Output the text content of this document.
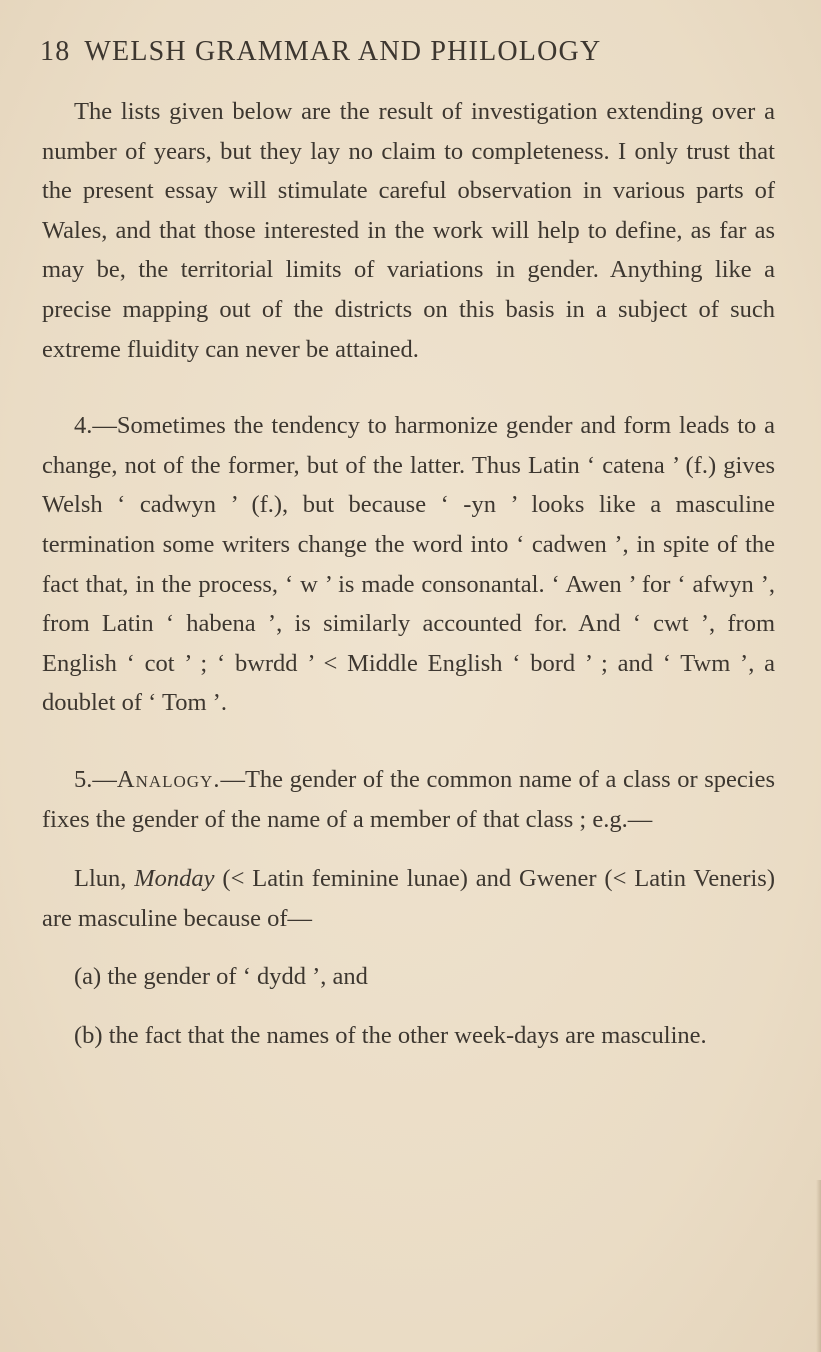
18 WELSH GRAMMAR AND PHILOLOGY

The lists given below are the result of investigation extending over a number of years, but they lay no claim to completeness. I only trust that the present essay will stimulate careful observation in various parts of Wales, and that those interested in the work will help to define, as far as may be, the territorial limits of variations in gender. Anything like a precise mapping out of the districts on this basis in a subject of such extreme fluidity can never be attained.

4.—Sometimes the tendency to harmonize gender and form leads to a change, not of the former, but of the latter. Thus Latin ‘ catena ’ (f.) gives Welsh ‘ cadwyn ’ (f.), but because ‘ -yn ’ looks like a masculine termination some writers change the word into ‘ cadwen ’, in spite of the fact that, in the process, ‘ w ’ is made consonantal. ‘ Awen ’ for ‘ afwyn ’, from Latin ‘ habena ’, is similarly accounted for. And ‘ cwt ’, from English ‘ cot ’ ; ‘ bwrdd ’ < Middle English ‘ bord ’ ; and ‘ Twm ’, a doublet of ‘ Tom ’.

5.—Analogy.—The gender of the common name of a class or species fixes the gender of the name of a member of that class ; e.g.—

Llun, Monday (< Latin feminine lunae) and Gwener (< Latin Veneris) are masculine because of—

(a) the gender of ‘ dydd ’, and

(b) the fact that the names of the other week-days are masculine.
